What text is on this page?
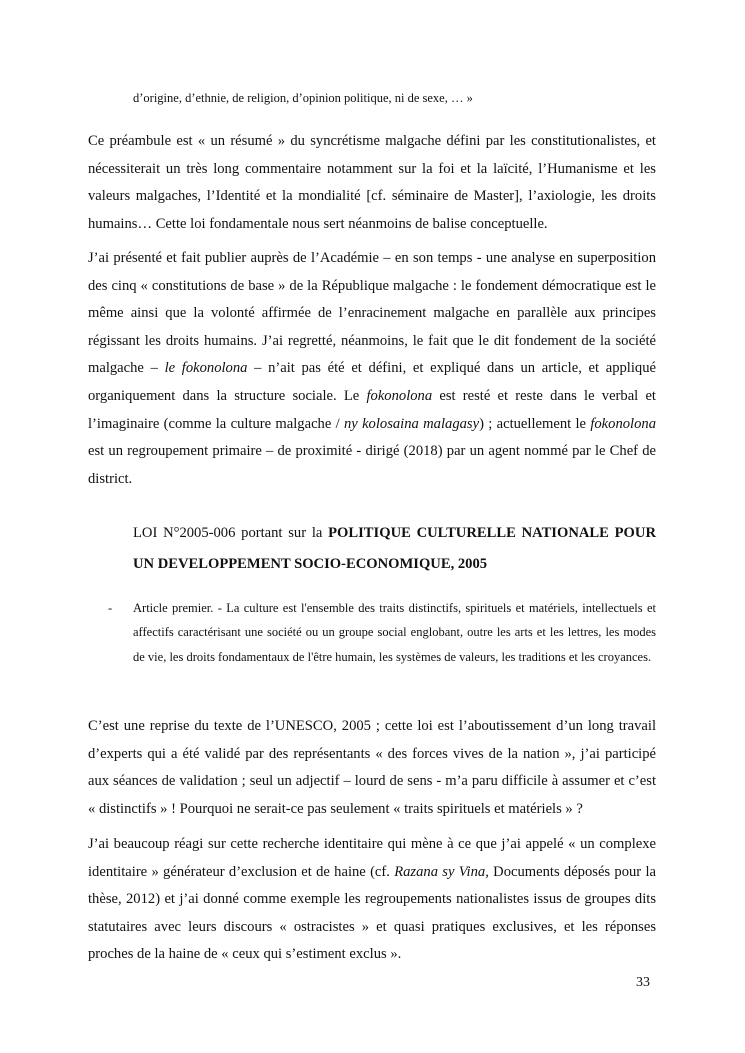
d’origine, d’ethnie, de religion, d’opinion politique, ni de sexe, … »

Ce préambule est « un résumé » du syncrétisme malgache défini par les constitutionalistes, et nécessiterait un très long commentaire notamment sur la foi et la laïcité, l’Humanisme et les valeurs malgaches, l’Identité et la mondialité [cf. séminaire de Master], l’axiologie, les droits humains… Cette loi fondamentale nous sert néanmoins de balise conceptuelle.

J’ai présenté et fait publier auprès de l’Académie – en son temps - une analyse en superposition des cinq « constitutions de base » de la République malgache : le fondement démocratique est le même ainsi que la volonté affirmée de l’enracinement malgache en parallèle aux principes régissant les droits humains. J’ai regretté, néanmoins, le fait que le dit fondement de la société malgache – le fokonolona – n’ait pas été et défini, et expliqué dans un article, et appliqué organiquement dans la structure sociale. Le fokonolona est resté et reste dans le verbal et l’imaginaire (comme la culture malgache / ny kolosaina malagasy) ; actuellement le fokonolona est un regroupement primaire – de proximité - dirigé (2018) par un agent nommé par le Chef de district.

LOI N°2005-006 portant sur la POLITIQUE CULTURELLE NATIONALE POUR UN DEVELOPPEMENT SOCIO-ECONOMIQUE, 2005

- Article premier. - La culture est l'ensemble des traits distinctifs, spirituels et matériels, intellectuels et affectifs caractérisant une société ou un groupe social englobant, outre les arts et les lettres, les modes de vie, les droits fondamentaux de l'être humain, les systèmes de valeurs, les traditions et les croyances.

C’est une reprise du texte de l’UNESCO, 2005 ; cette loi est l’aboutissement d’un long travail d’experts qui a été validé par des représentants « des forces vives de la nation », j’ai participé aux séances de validation ; seul un adjectif – lourd de sens - m’a paru difficile à assumer et c’est « distinctifs » ! Pourquoi ne serait-ce pas seulement « traits spirituels et matériels » ?

J’ai beaucoup réagi sur cette recherche identitaire qui mène à ce que j’ai appelé « un complexe identitaire » générateur d’exclusion et de haine (cf. Razana sy Vina, Documents déposés pour la thèse, 2012) et j’ai donné comme exemple les regroupements nationalistes issus de groupes dits statutaires avec leurs discours « ostracistes » et quasi pratiques exclusives, et les réponses proches de la haine de « ceux qui s’estiment exclus ».

33
